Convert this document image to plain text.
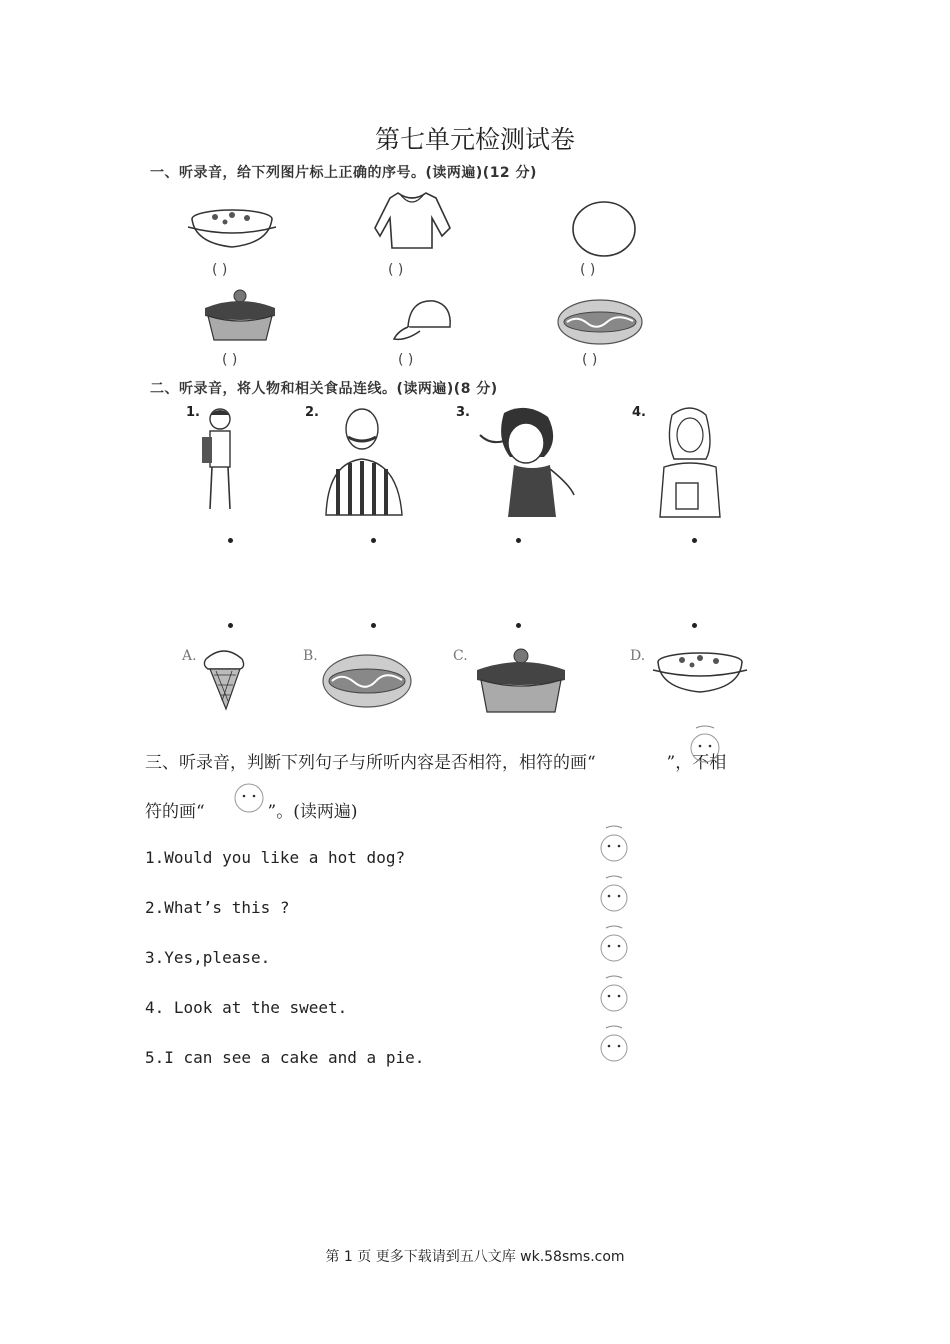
第七单元检测试卷
一、听录音，给下列图片标上正确的序号。(读两遍)(12 分)
( )	( )	( )
( )	( )	( )
二、听录音，将人物和相关食品连线。(读两遍)(8 分)
1.	2.	3.	4.
A.	B.	C.	D.
三、听录音，判断下列句子与所听内容是否相符，相符的画“	”，不相
符的画“	”。(读两遍)
1.Would you like a hot dog?
2.What’s this ?
3.Yes,please.
4. Look at the sweet.
5.I can see a cake and a pie.
第 1 页 更多下载请到五八文库 wk.58sms.com
